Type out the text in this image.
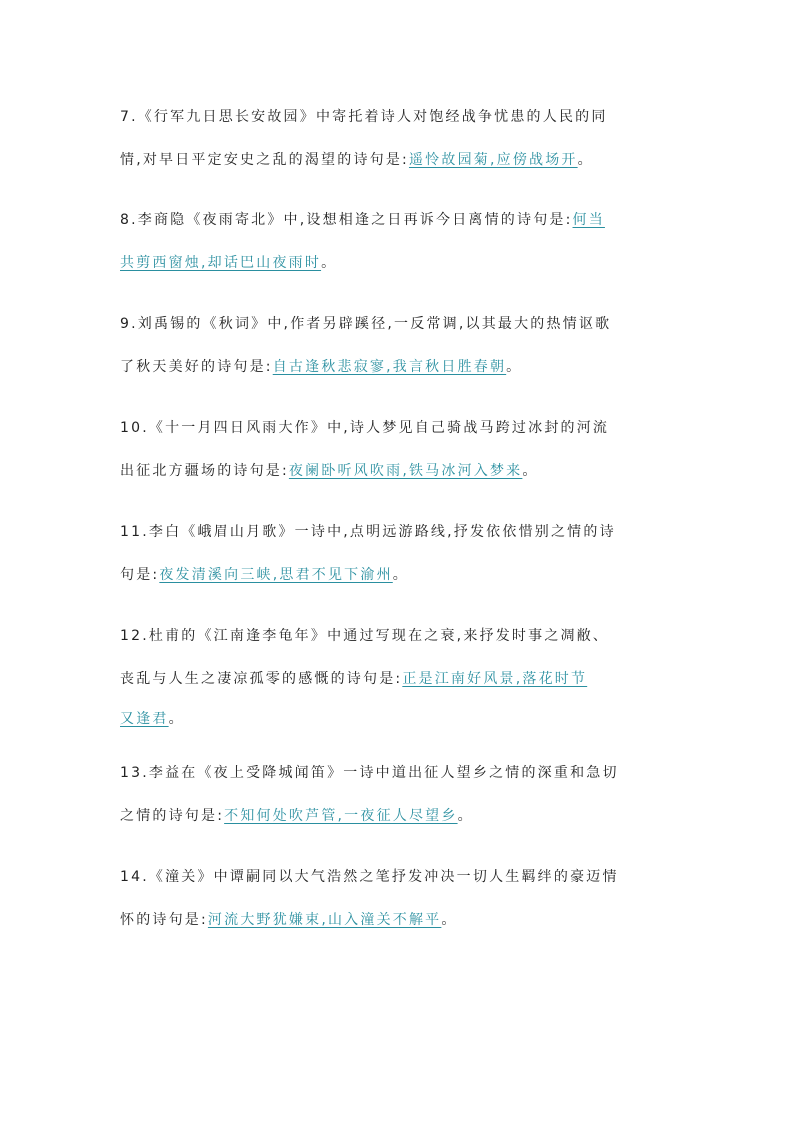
7.《行军九日思长安故园》中寄托着诗人对饱经战争忧患的人民的同
情,对早日平定安史之乱的渴望的诗句是:遥怜故园菊,应傍战场开。
8.李商隐《夜雨寄北》中,设想相逢之日再诉今日离情的诗句是:何当
共剪西窗烛,却话巴山夜雨时。
9.刘禹锡的《秋词》中,作者另辟蹊径,一反常调,以其最大的热情讴歌
了秋天美好的诗句是:自古逢秋悲寂寥,我言秋日胜春朝。
10.《十一月四日风雨大作》中,诗人梦见自己骑战马跨过冰封的河流
出征北方疆场的诗句是:夜阑卧听风吹雨,铁马冰河入梦来。
11.李白《峨眉山月歌》一诗中,点明远游路线,抒发依依惜别之情的诗
句是:夜发清溪向三峡,思君不见下渝州。
12.杜甫的《江南逢李龟年》中通过写现在之衰,来抒发时事之凋敝、
丧乱与人生之凄凉孤零的感慨的诗句是:正是江南好风景,落花时节
又逢君。
13.李益在《夜上受降城闻笛》一诗中道出征人望乡之情的深重和急切
之情的诗句是:不知何处吹芦管,一夜征人尽望乡。
14.《潼关》中谭嗣同以大气浩然之笔抒发冲决一切人生羁绊的豪迈情
怀的诗句是:河流大野犹嫌束,山入潼关不解平。
